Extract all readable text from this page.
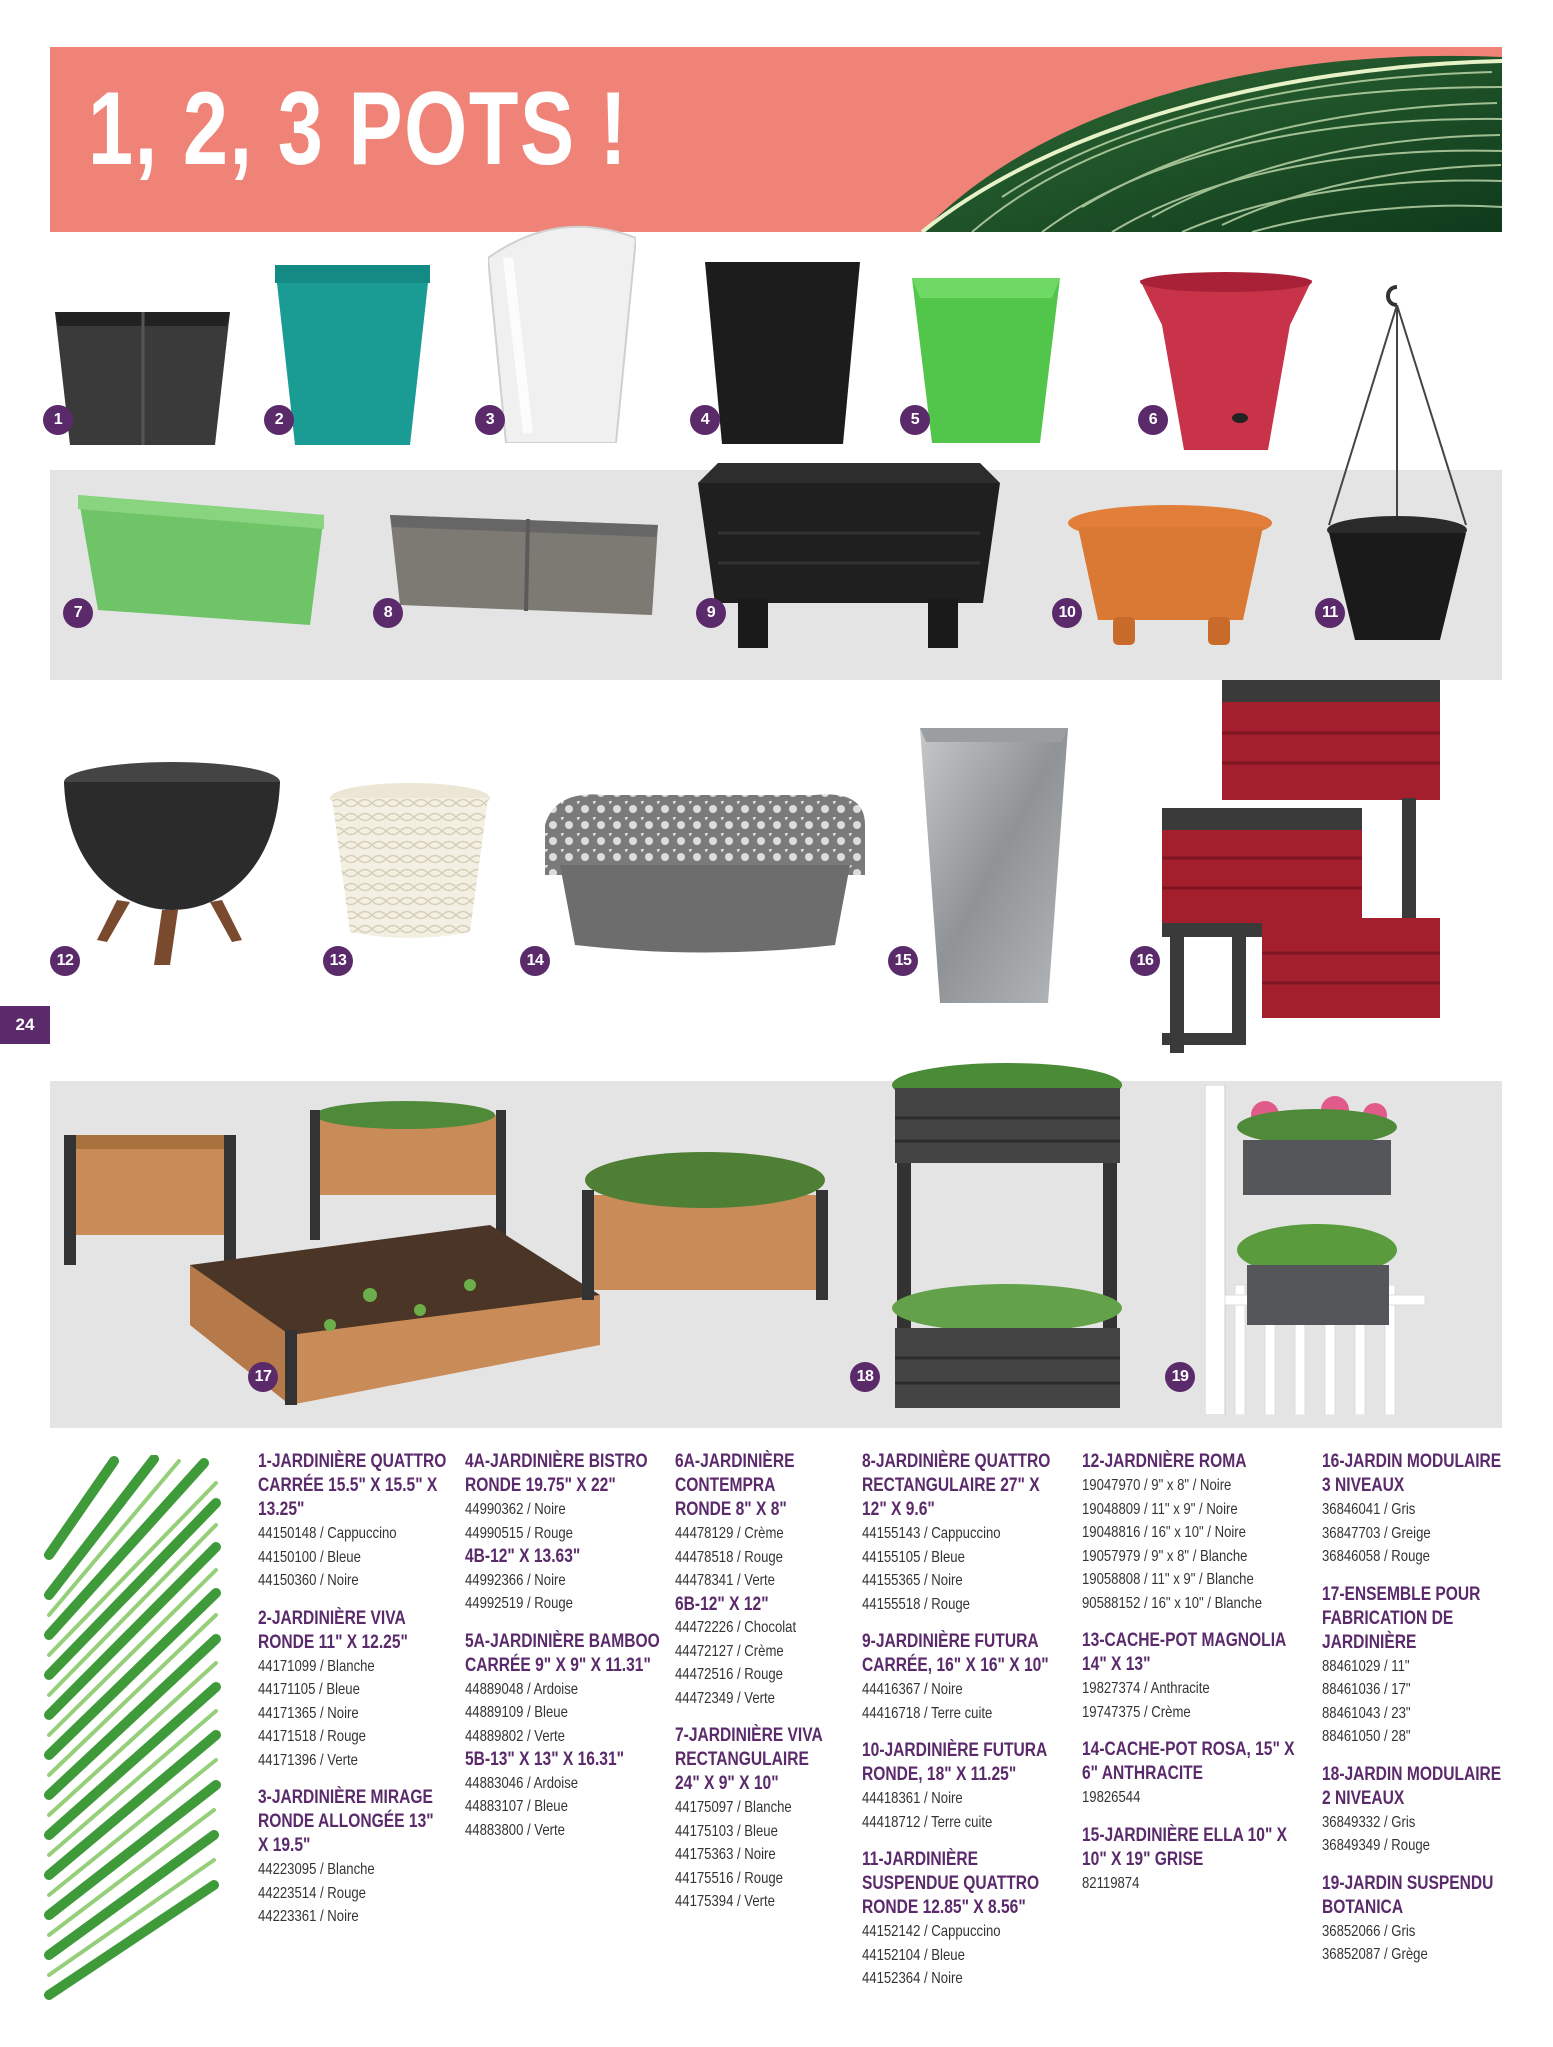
1, 2, 3 POTS !
1	2	3	4	5	6
7	8	9	10	11
12	13	14	15	16
17	18	19
24
1-JARDINIÈRE QUATTRO CARRÉE 15.5" X 15.5" X 13.25"
44150148 / Cappuccino
44150100 / Bleue
44150360 / Noire
2-JARDINIÈRE VIVA RONDE 11" X 12.25"
44171099 / Blanche
44171105 / Bleue
44171365 / Noire
44171518 / Rouge
44171396 / Verte
3-JARDINIÈRE MIRAGE RONDE ALLONGÉE 13" X 19.5"
44223095 / Blanche
44223514 / Rouge
44223361 / Noire
4A-JARDINIÈRE BISTRO RONDE 19.75" X 22"
44990362 / Noire
44990515 / Rouge
4B-12" X 13.63"
44992366 / Noire
44992519 / Rouge
5A-JARDINIÈRE BAMBOO CARRÉE 9" X 9" X 11.31"
44889048 / Ardoise
44889109 / Bleue
44889802 / Verte
5B-13" X 13" X 16.31"
44883046 / Ardoise
44883107 / Bleue
44883800 / Verte
6A-JARDINIÈRE CONTEMPRA RONDE 8" X 8"
44478129 / Crème
44478518 / Rouge
44478341 / Verte
6B-12" X 12"
44472226 / Chocolat
44472127 / Crème
44472516 / Rouge
44472349 / Verte
7-JARDINIÈRE VIVA RECTANGULAIRE 24" X 9" X 10"
44175097 / Blanche
44175103 / Bleue
44175363 / Noire
44175516 / Rouge
44175394 / Verte
8-JARDINIÈRE QUATTRO RECTANGULAIRE 27" X 12" X 9.6"
44155143 / Cappuccino
44155105 / Bleue
44155365 / Noire
44155518 / Rouge
9-JARDINIÈRE FUTURA CARRÉE, 16" X 16" X 10"
44416367 / Noire
44416718 / Terre cuite
10-JARDINIÈRE FUTURA RONDE, 18" X 11.25"
44418361 / Noire
44418712 / Terre cuite
11-JARDINIÈRE SUSPENDUE QUATTRO RONDE 12.85" X 8.56"
44152142 / Cappuccino
44152104 / Bleue
44152364 / Noire
12-JARDNIÈRE ROMA
19047970 / 9" x 8" / Noire
19048809 / 11" x 9" / Noire
19048816 / 16" x 10" / Noire
19057979 / 9" x 8" / Blanche
19058808 / 11" x 9" / Blanche
90588152 / 16" x 10" / Blanche
13-CACHE-POT MAGNOLIA 14" X 13"
19827374 / Anthracite
19747375 / Crème
14-CACHE-POT ROSA, 15" X 6" ANTHRACITE
19826544
15-JARDINIÈRE ELLA 10" X 10" X 19" GRISE
82119874
16-JARDIN MODULAIRE 3 NIVEAUX
36846041 / Gris
36847703 / Greige
36846058 / Rouge
17-ENSEMBLE POUR FABRICATION DE JARDINIÈRE
88461029 / 11"
88461036 / 17"
88461043 / 23"
88461050 / 28"
18-JARDIN MODULAIRE 2 NIVEAUX
36849332 / Gris
36849349 / Rouge
19-JARDIN SUSPENDU BOTANICA
36852066 / Gris
36852087 / Grège
